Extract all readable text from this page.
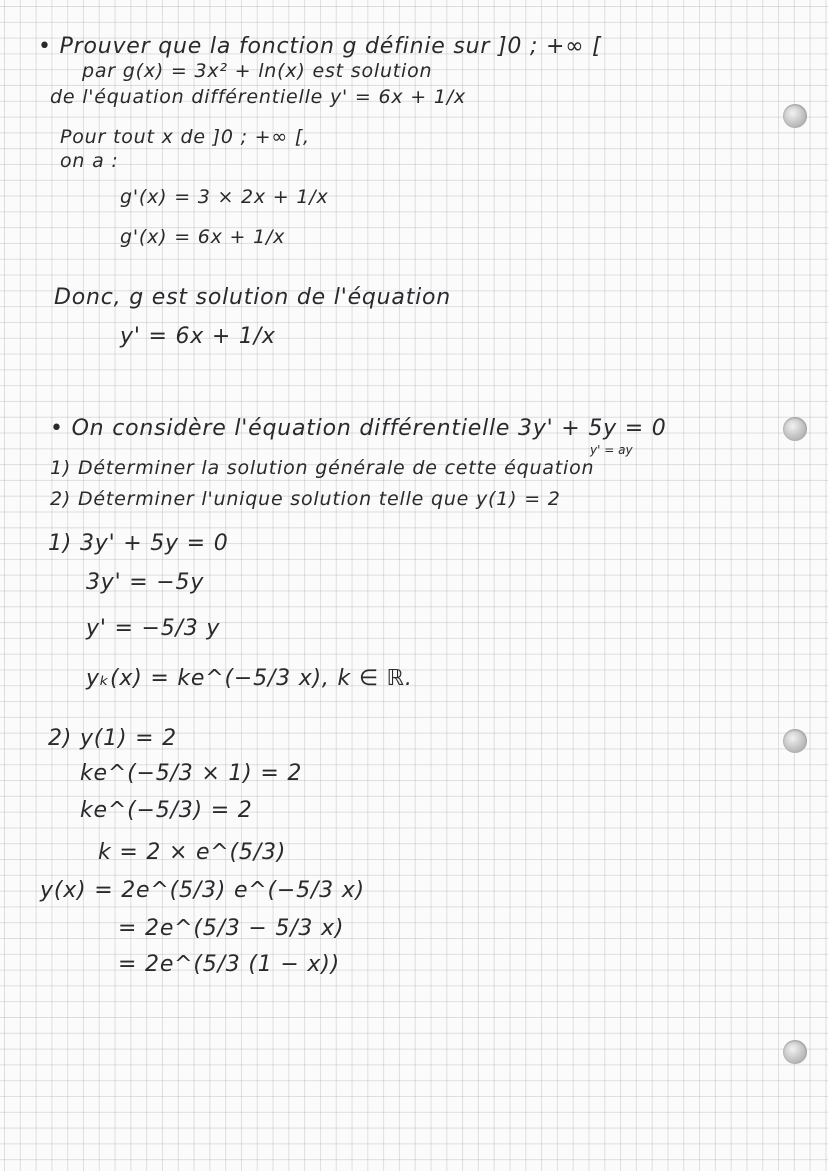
• Prouver que la fonction g définie sur ]0 ; +∞ [
par g(x) = 3x² + ln(x) est solution
de l'équation différentielle y' = 6x + 1/x
Pour tout x de ]0 ; +∞ [,
on a :
g'(x) = 3 × 2x + 1/x
g'(x) = 6x + 1/x
Donc, g est solution de l'équation
y' = 6x + 1/x
• On considère l'équation différentielle 3y' + 5y = 0
y' = ay
1) Déterminer la solution générale de cette équation
2) Déterminer l'unique solution telle que y(1) = 2
1) 3y' + 5y = 0
3y' = −5y
y' = −5/3 y
yₖ(x) = ke^(−5/3 x), k ∈ ℝ.
2) y(1) = 2
ke^(−5/3 × 1) = 2
ke^(−5/3) = 2
k = 2 × e^(5/3)
y(x) = 2e^(5/3) e^(−5/3 x)
= 2e^(5/3 − 5/3 x)
= 2e^(5/3 (1 − x))
